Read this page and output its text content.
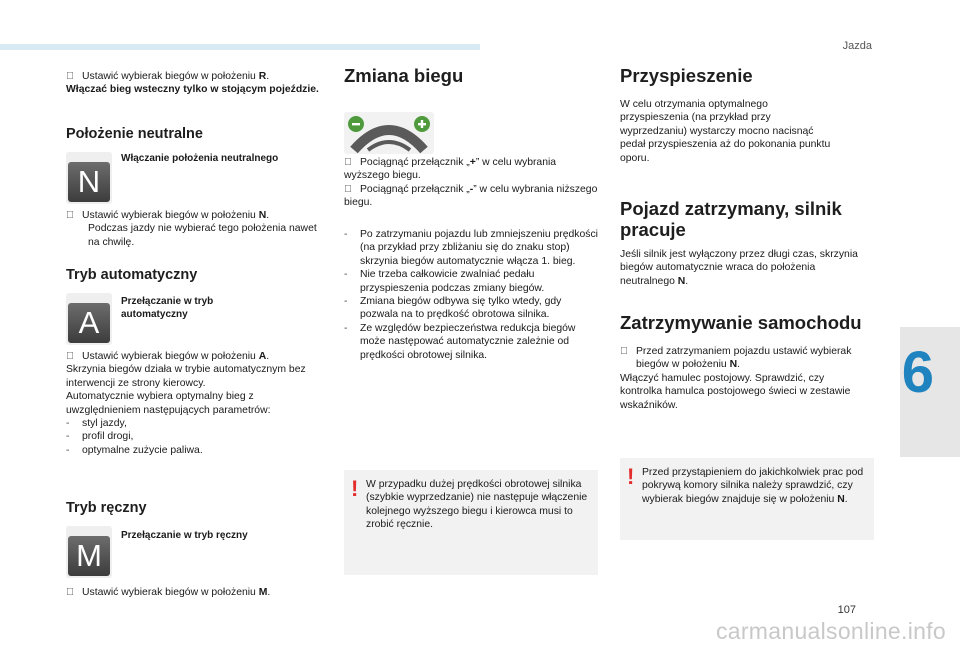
Jazda
6
107
carmanualsonline.info
Ustawić wybierak biegów w położeniu R.
Włączać bieg wsteczny tylko w stojącym pojeździe.
Położenie neutralne
N
Włączanie położenia neutralnego
Ustawić wybierak biegów w położeniu N.
Podczas jazdy nie wybierać tego położenia nawet na chwilę.
Tryb automatyczny
A
Przełączanie w tryb automatyczny
Ustawić wybierak biegów w położeniu A.
Skrzynia biegów działa w trybie automatycznym bez interwencji ze strony kierowcy.
Automatycznie wybiera optymalny bieg z uwzględnieniem następujących parametrów:
- styl jazdy,
- profil drogi,
- optymalne zużycie paliwa.
Tryb ręczny
M
Przełączanie w tryb ręczny
Ustawić wybierak biegów w położeniu M.
Zmiana biegu
Pociągnąć przełącznik „+” w celu wybrania wyższego biegu.
Pociągnąć przełącznik „-” w celu wybrania niższego biegu.
-	Po zatrzymaniu pojazdu lub zmniejszeniu prędkości (na przykład przy zbliżaniu się do znaku stop) skrzynia biegów automatycznie włącza 1. bieg.
-	Nie trzeba całkowicie zwalniać pedału przyspieszenia podczas zmiany biegów.
-	Zmiana biegów odbywa się tylko wtedy, gdy pozwala na to prędkość obrotowa silnika.
-	Ze względów bezpieczeństwa redukcja biegów może następować automatycznie zależnie od prędkości obrotowej silnika.
! W przypadku dużej prędkości obrotowej silnika (szybkie wyprzedzanie) nie następuje włączenie kolejnego wyższego biegu i kierowca musi to zrobić ręcznie.
Przyspieszenie
W celu otrzymania optymalnego przyspieszenia (na przykład przy wyprzedzaniu) wystarczy mocno nacisnąć pedał przyspieszenia aż do pokonania punktu oporu.
Pojazd zatrzymany, silnik pracuje
Jeśli silnik jest wyłączony przez długi czas, skrzynia biegów automatycznie wraca do położenia neutralnego N.
Zatrzymywanie samochodu
Przed zatrzymaniem pojazdu ustawić wybierak biegów w położeniu N.
Włączyć hamulec postojowy. Sprawdzić, czy kontrolka hamulca postojowego świeci w zestawie wskaźników.
! Przed przystąpieniem do jakichkolwiek prac pod pokrywą komory silnika należy sprawdzić, czy wybierak biegów znajduje się w położeniu N.
